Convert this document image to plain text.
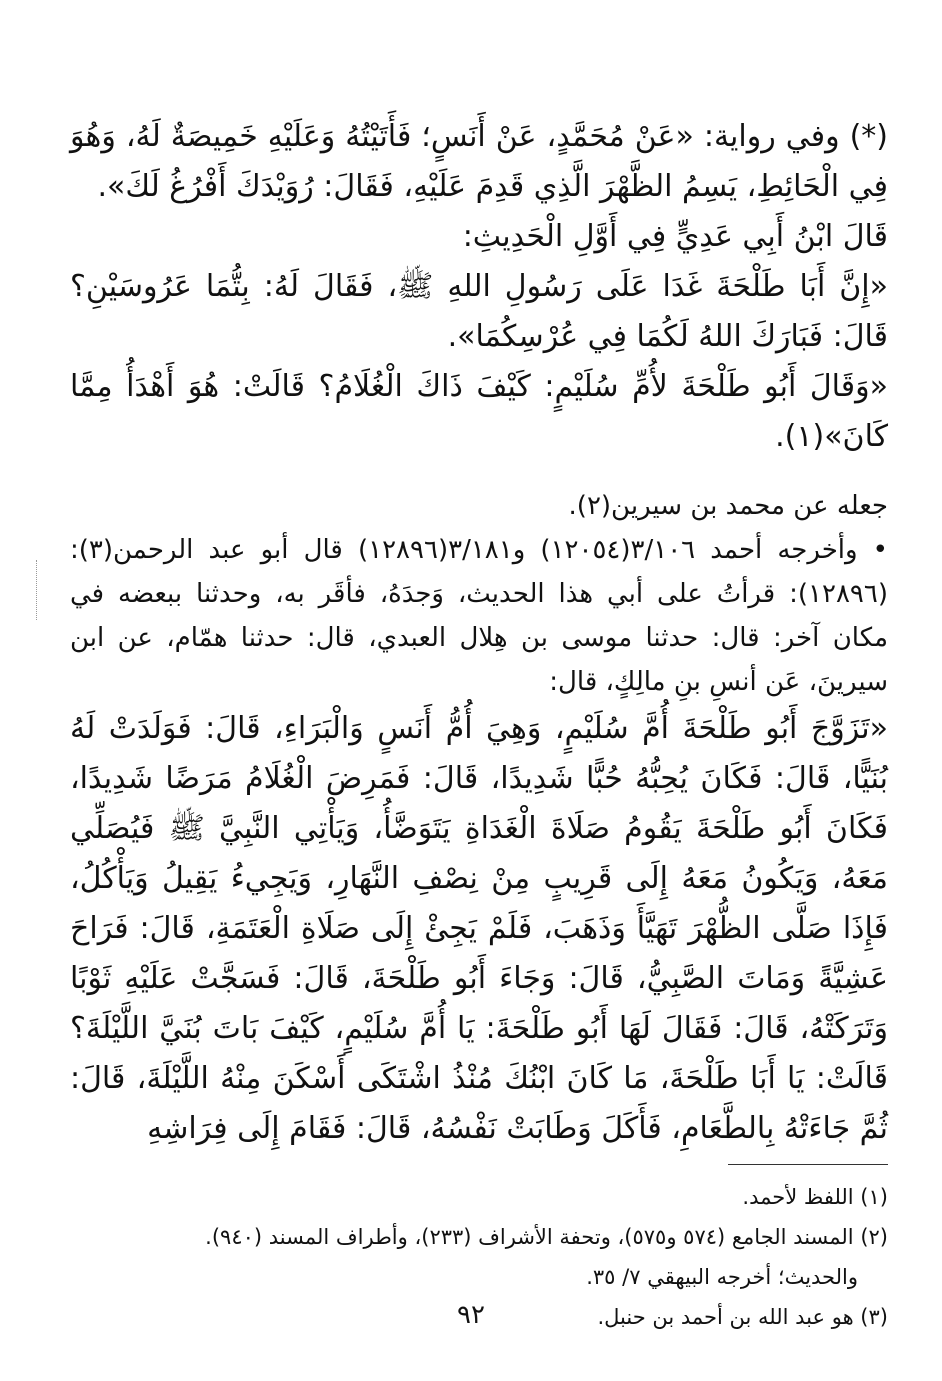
(*) وفي رواية: «عَنْ مُحَمَّدٍ، عَنْ أَنَسٍ؛ فَأَتَيْتُهُ وَعَلَيْهِ خَمِيصَةٌ لَهُ، وَهُوَ فِي الْحَائِطِ، يَسِمُ الظَّهْرَ الَّذِي قَدِمَ عَلَيْهِ، فَقَالَ: رُوَيْدَكَ أَفْرُغُ لَكَ».

قَالَ ابْنُ أَبِي عَدِيٍّ فِي أَوَّلِ الْحَدِيثِ:

«إِنَّ أَبَا طَلْحَةَ غَدَا عَلَى رَسُولِ اللهِ ﷺ، فَقَالَ لَهُ: بِتُّمَا عَرُوسَيْنِ؟ قَالَ: فَبَارَكَ اللهُ لَكُمَا فِي عُرْسِكُمَا».

«وَقَالَ أَبُو طَلْحَةَ لأُمِّ سُلَيْمٍ: كَيْفَ ذَاكَ الْغُلَامُ؟ قَالَتْ: هُوَ أَهْدَأُ مِمَّا كَانَ»(١).

جعله عن محمد بن سيرين(٢).

• وأخرجه أحمد ٣/١٠٦(١٢٠٥٤) و٣/١٨١(١٢٨٩٦) قال أبو عبد الرحمن(٣): (١٢٨٩٦): قرأتُ على أبي هذا الحديث، وَجدَهُ، فأقَر به، وحدثنا ببعضه في مكان آخر: قال: حدثنا موسى بن هِلال العبدي، قال: حدثنا همّام، عن ابن سيرينَ، عَن أنسِ بنِ مالِكٍ، قال:

«تَزَوَّجَ أَبُو طَلْحَةَ أُمَّ سُلَيْمٍ، وَهِيَ أُمُّ أَنَسٍ وَالْبَرَاءِ، قَالَ: فَوَلَدَتْ لَهُ بُنَيًّا، قَالَ: فَكَانَ يُحِبُّهُ حُبًّا شَدِيدًا، قَالَ: فَمَرِضَ الْغُلَامُ مَرَضًا شَدِيدًا، فَكَانَ أَبُو طَلْحَةَ يَقُومُ صَلَاةَ الْغَدَاةِ يَتَوَضَّأُ، وَيَأْتِي النَّبِيَّ ﷺ فَيُصَلِّي مَعَهُ، وَيَكُونُ مَعَهُ إِلَى قَرِيبٍ مِنْ نِصْفِ النَّهَارِ، وَيَجِيءُ يَقِيلُ وَيَأْكُلُ، فَإِذَا صَلَّى الظُّهْرَ تَهَيَّأَ وَذَهَبَ، فَلَمْ يَجِئْ إِلَى صَلَاةِ الْعَتَمَةِ، قَالَ: فَرَاحَ عَشِيَّةً وَمَاتَ الصَّبِيُّ، قَالَ: وَجَاءَ أَبُو طَلْحَةَ، قَالَ: فَسَجَّتْ عَلَيْهِ ثَوْبًا وَتَرَكَتْهُ، قَالَ: فَقَالَ لَهَا أَبُو طَلْحَةَ: يَا أُمَّ سُلَيْمٍ، كَيْفَ بَاتَ بُنَيَّ اللَّيْلَةَ؟ قَالَتْ: يَا أَبَا طَلْحَةَ، مَا كَانَ ابْنُكَ مُنْذُ اشْتَكَى أَسْكَنَ مِنْهُ اللَّيْلَةَ، قَالَ: ثُمَّ جَاءَتْهُ بِالطَّعَامِ، فَأَكَلَ وَطَابَتْ نَفْسُهُ، قَالَ: فَقَامَ إِلَى فِرَاشِهِ

(١) اللفظ لأحمد.

(٢) المسند الجامع (٥٧٤ و٥٧٥)، وتحفة الأشراف (٢٣٣)، وأطراف المسند (٩٤٠).

والحديث؛ أخرجه البيهقي ٧/ ٣٥.

(٣) هو عبد الله بن أحمد بن حنبل.

٩٢
